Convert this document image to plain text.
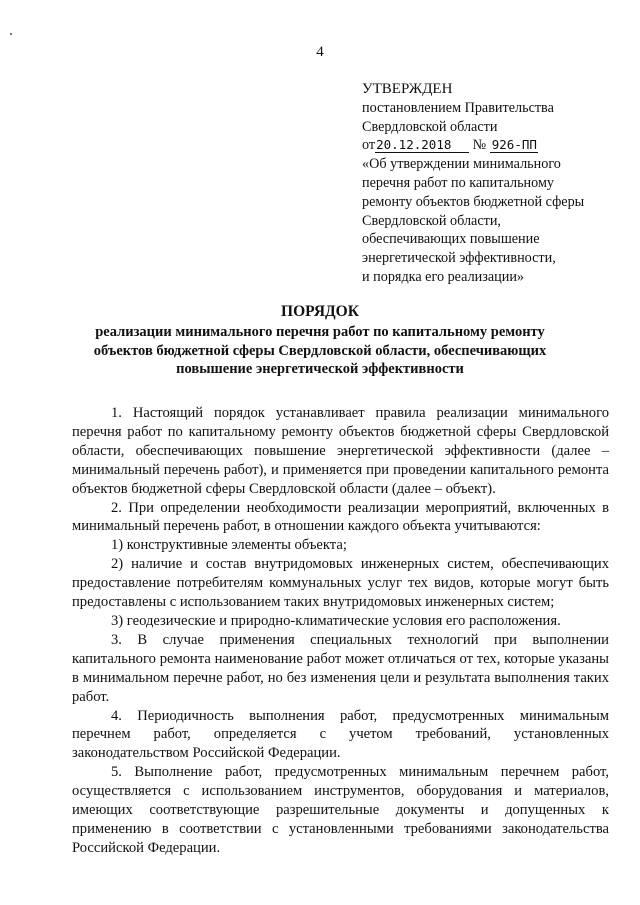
4
УТВЕРЖДЕН
постановлением Правительства
Свердловской области
от20.12.2018 № 926-ПП
«Об утверждении минимального
перечня работ по капитальному
ремонту объектов бюджетной сферы
Свердловской области,
обеспечивающих повышение
энергетической эффективности,
и порядка его реализации»
ПОРЯДОК
реализации минимального перечня работ по капитальному ремонту
объектов бюджетной сферы Свердловской области, обеспечивающих
повышение энергетической эффективности

1. Настоящий порядок устанавливает правила реализации минимального перечня работ по капитальному ремонту объектов бюджетной сферы Свердловской области, обеспечивающих повышение энергетической эффективности (далее – минимальный перечень работ), и применяется при проведении капитального ремонта объектов бюджетной сферы Свердловской области (далее – объект).

2. При определении необходимости реализации мероприятий, включенных в минимальный перечень работ, в отношении каждого объекта учитываются:

1) конструктивные элементы объекта;

2) наличие и состав внутридомовых инженерных систем, обеспечивающих предоставление потребителям коммунальных услуг тех видов, которые могут быть предоставлены с использованием таких внутридомовых инженерных систем;

3) геодезические и природно-климатические условия его расположения.

3. В случае применения специальных технологий при выполнении капитального ремонта наименование работ может отличаться от тех, которые указаны в минимальном перечне работ, но без изменения цели и результата выполнения таких работ.

4. Периодичность выполнения работ, предусмотренных минимальным перечнем работ, определяется с учетом требований, установленных законодательством Российской Федерации.

5. Выполнение работ, предусмотренных минимальным перечнем работ, осуществляется с использованием инструментов, оборудования и материалов, имеющих соответствующие разрешительные документы и допущенных к применению в соответствии с установленными требованиями законодательства Российской Федерации.
